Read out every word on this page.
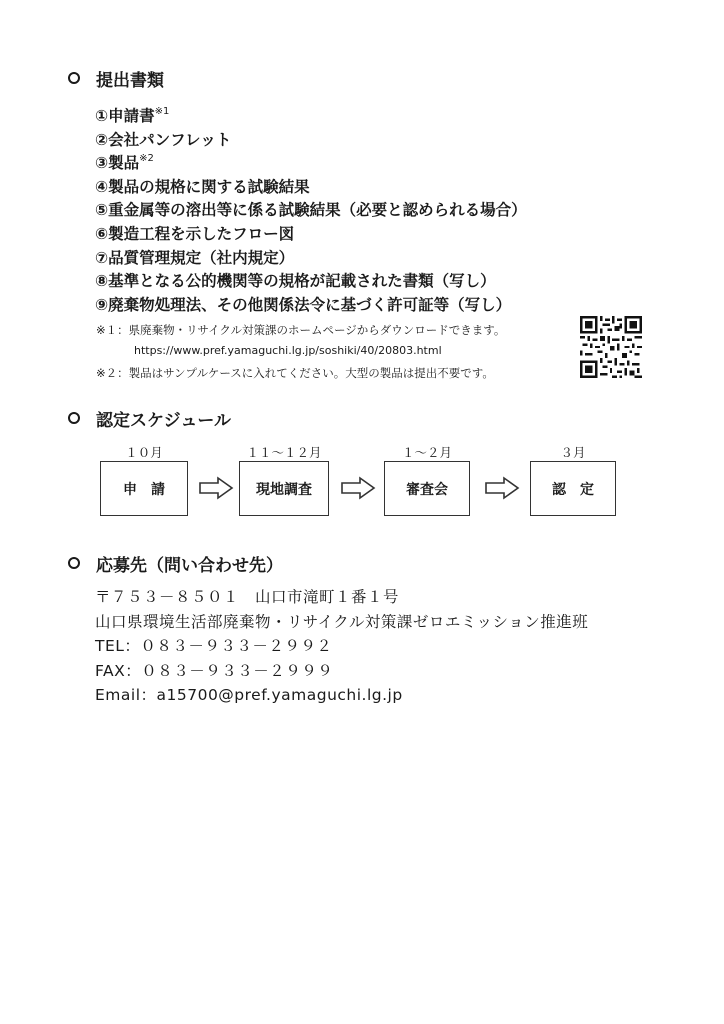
提出書類
①申請書$^{※1}$
②会社パンフレット
③製品$^{※2}$
④製品の規格に関する試験結果
⑤重金属等の溶出等に係る試験結果（必要と認められる場合）
⑥製造工程を示したフロー図
⑦品質管理規定（社内規定）
⑧基準となる公的機関等の規格が記載された書類（写し）
⑨廃棄物処理法、その他関係法令に基づく許可証等（写し）
※１：県廃棄物・リサイクル対策課のホームページからダウンロードできます。
https://www.pref.yamaguchi.lg.jp/soshiki/40/20803.html
※２：製品はサンプルケースに入れてください。大型の製品は提出不要です。
認定スケジュール
１０月	１１～１２月	１～２月	３月
申　請	現地調査	審査会	認　定
応募先（問い合わせ先）
〒７５３－８５０１　山口市滝町１番１号
山口県環境生活部廃棄物・リサイクル対策課ゼロエミッション推進班
TEL：０８３－９３３－２９９２
FAX：０８３－９３３－２９９９
Email：a15700@pref.yamaguchi.lg.jp
